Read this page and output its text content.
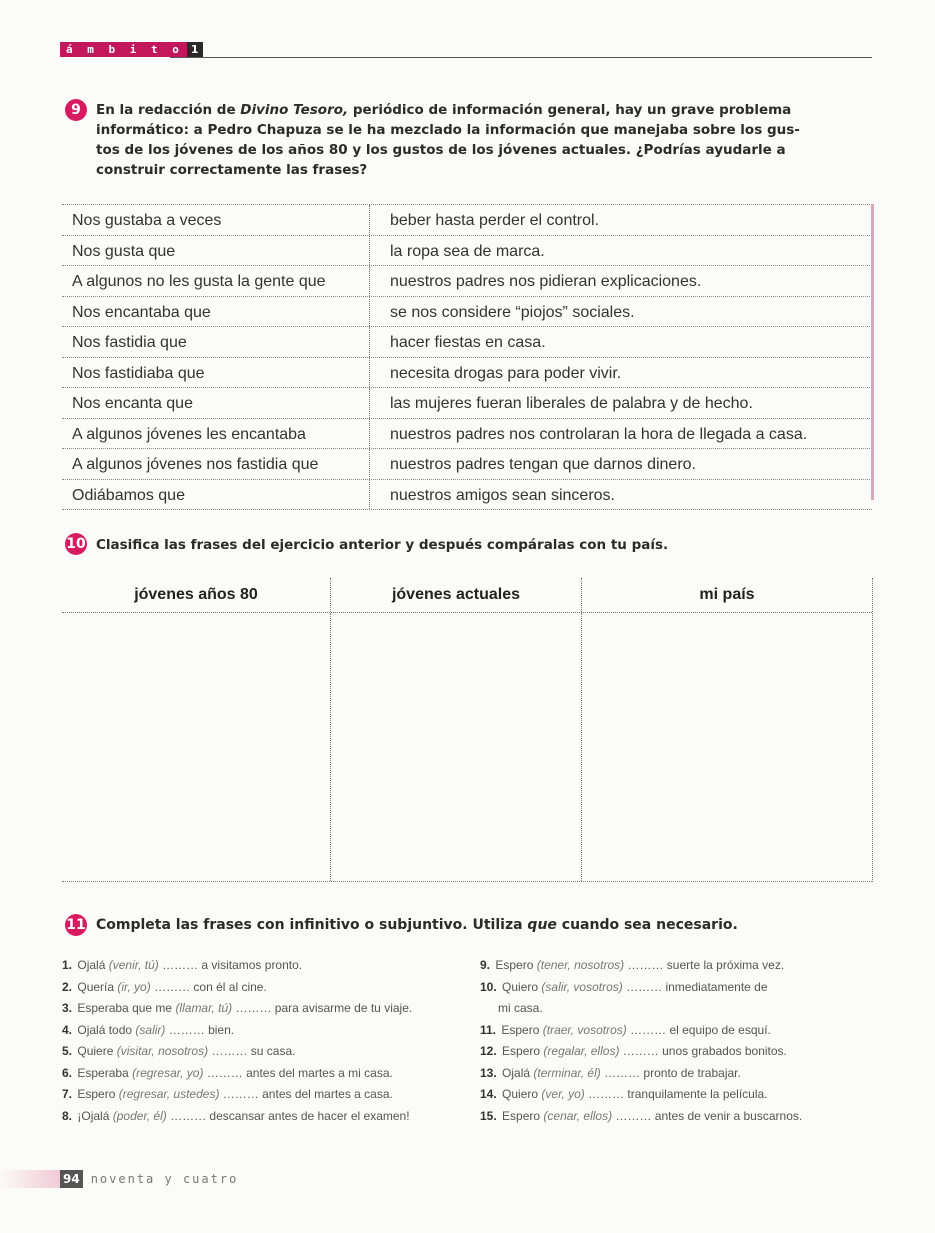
á m b i t o 1
9	En la redacción de Divino Tesoro, periódico de información general, hay un grave problema
informático: a Pedro Chapuza se le ha mezclado la información que manejaba sobre los gus-
tos de los jóvenes de los años 80 y los gustos de los jóvenes actuales. ¿Podrías ayudarle a
construir correctamente las frases?
Nos gustaba a veces	beber hasta perder el control.
Nos gusta que	la ropa sea de marca.
A algunos no les gusta la gente que	nuestros padres nos pidieran explicaciones.
Nos encantaba que	se nos considere “piojos” sociales.
Nos fastidia que	hacer fiestas en casa.
Nos fastidiaba que	necesita drogas para poder vivir.
Nos encanta que	las mujeres fueran liberales de palabra y de hecho.
A algunos jóvenes les encantaba	nuestros padres nos controlaran la hora de llegada a casa.
A algunos jóvenes nos fastidia que	nuestros padres tengan que darnos dinero.
Odiábamos que	nuestros amigos sean sinceros.
10 Clasifica las frases del ejercicio anterior y después compáralas con tu país.
jóvenes años 80	jóvenes actuales	mi país
11 Completa las frases con infinitivo o subjuntivo. Utiliza que cuando sea necesario.
1. Ojalá (venir, tú) ……… a visitamos pronto.
2. Quería (ir, yo) ……… con él al cine.
3. Esperaba que me (llamar, tú) ……… para avisarme de tu viaje.
4. Ojalá todo (salir) ……… bien.
5. Quiere (visitar, nosotros) ……… su casa.
6. Esperaba (regresar, yo) ……… antes del martes a mi casa.
7. Espero (regresar, ustedes) ……… antes del martes a casa.
8. ¡Ojalá (poder, él) ……… descansar antes de hacer el examen!
9. Espero (tener, nosotros) ……… suerte la próxima vez.
10. Quiero (salir, vosotros) ……… inmediatamente de
mi casa.
11. Espero (traer, vosotros) ……… el equipo de esquí.
12. Espero (regalar, ellos) ……… unos grabados bonitos.
13. Ojalá (terminar, él) ……… pronto de trabajar.
14. Quiero (ver, yo) ……… tranquilamente la película.
15. Espero (cenar, ellos) ……… antes de venir a buscarnos.
94 noventa y cuatro
